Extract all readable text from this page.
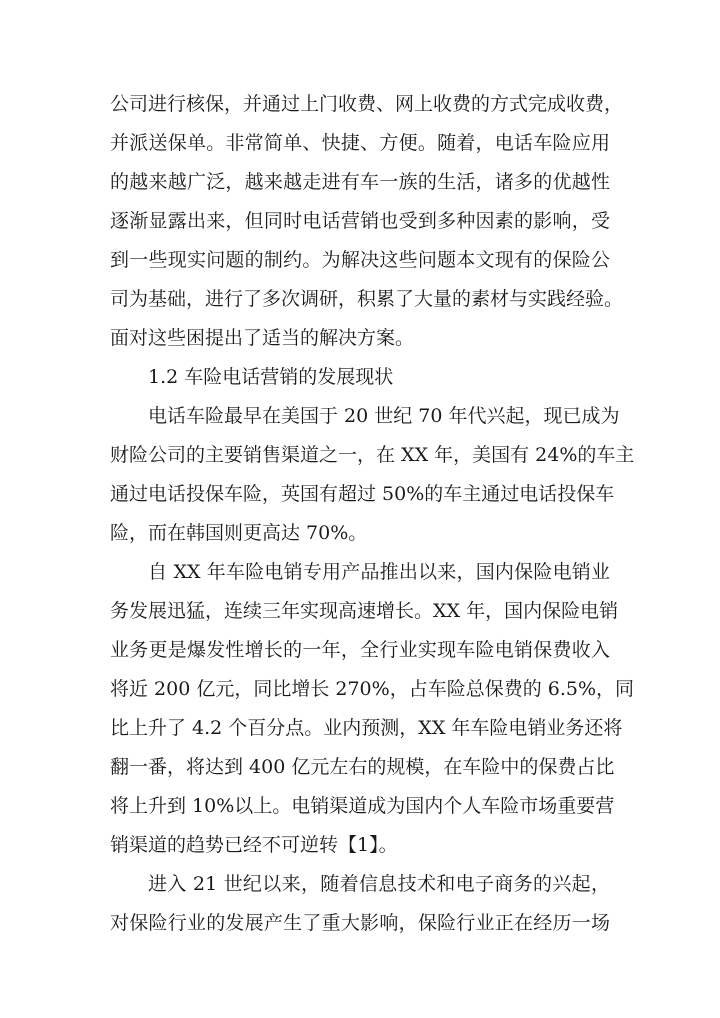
公司进行核保，并通过上门收费、网上收费的方式完成收费，
并派送保单。非常简单、快捷、方便。随着，电话车险应用
的越来越广泛，越来越走进有车一族的生活，诸多的优越性
逐渐显露出来，但同时电话营销也受到多种因素的影响，受
到一些现实问题的制约。为解决这些问题本文现有的保险公
司为基础，进行了多次调研，积累了大量的素材与实践经验。
面对这些困提出了适当的解决方案。
1.2 车险电话营销的发展现状
电话车险最早在美国于 20 世纪 70 年代兴起，现已成为
财险公司的主要销售渠道之一，在 XX 年，美国有 24%的车主
通过电话投保车险，英国有超过 50%的车主通过电话投保车
险，而在韩国则更高达 70%。
自 XX 年车险电销专用产品推出以来，国内保险电销业
务发展迅猛，连续三年实现高速增长。XX 年，国内保险电销
业务更是爆发性增长的一年，全行业实现车险电销保费收入
将近 200 亿元，同比增长 270%，占车险总保费的 6.5%，同
比上升了 4.2 个百分点。业内预测，XX 年车险电销业务还将
翻一番，将达到 400 亿元左右的规模，在车险中的保费占比
将上升到 10%以上。电销渠道成为国内个人车险市场重要营
销渠道的趋势已经不可逆转【1】。
进入 21 世纪以来，随着信息技术和电子商务的兴起，
对保险行业的发展产生了重大影响，保险行业正在经历一场
